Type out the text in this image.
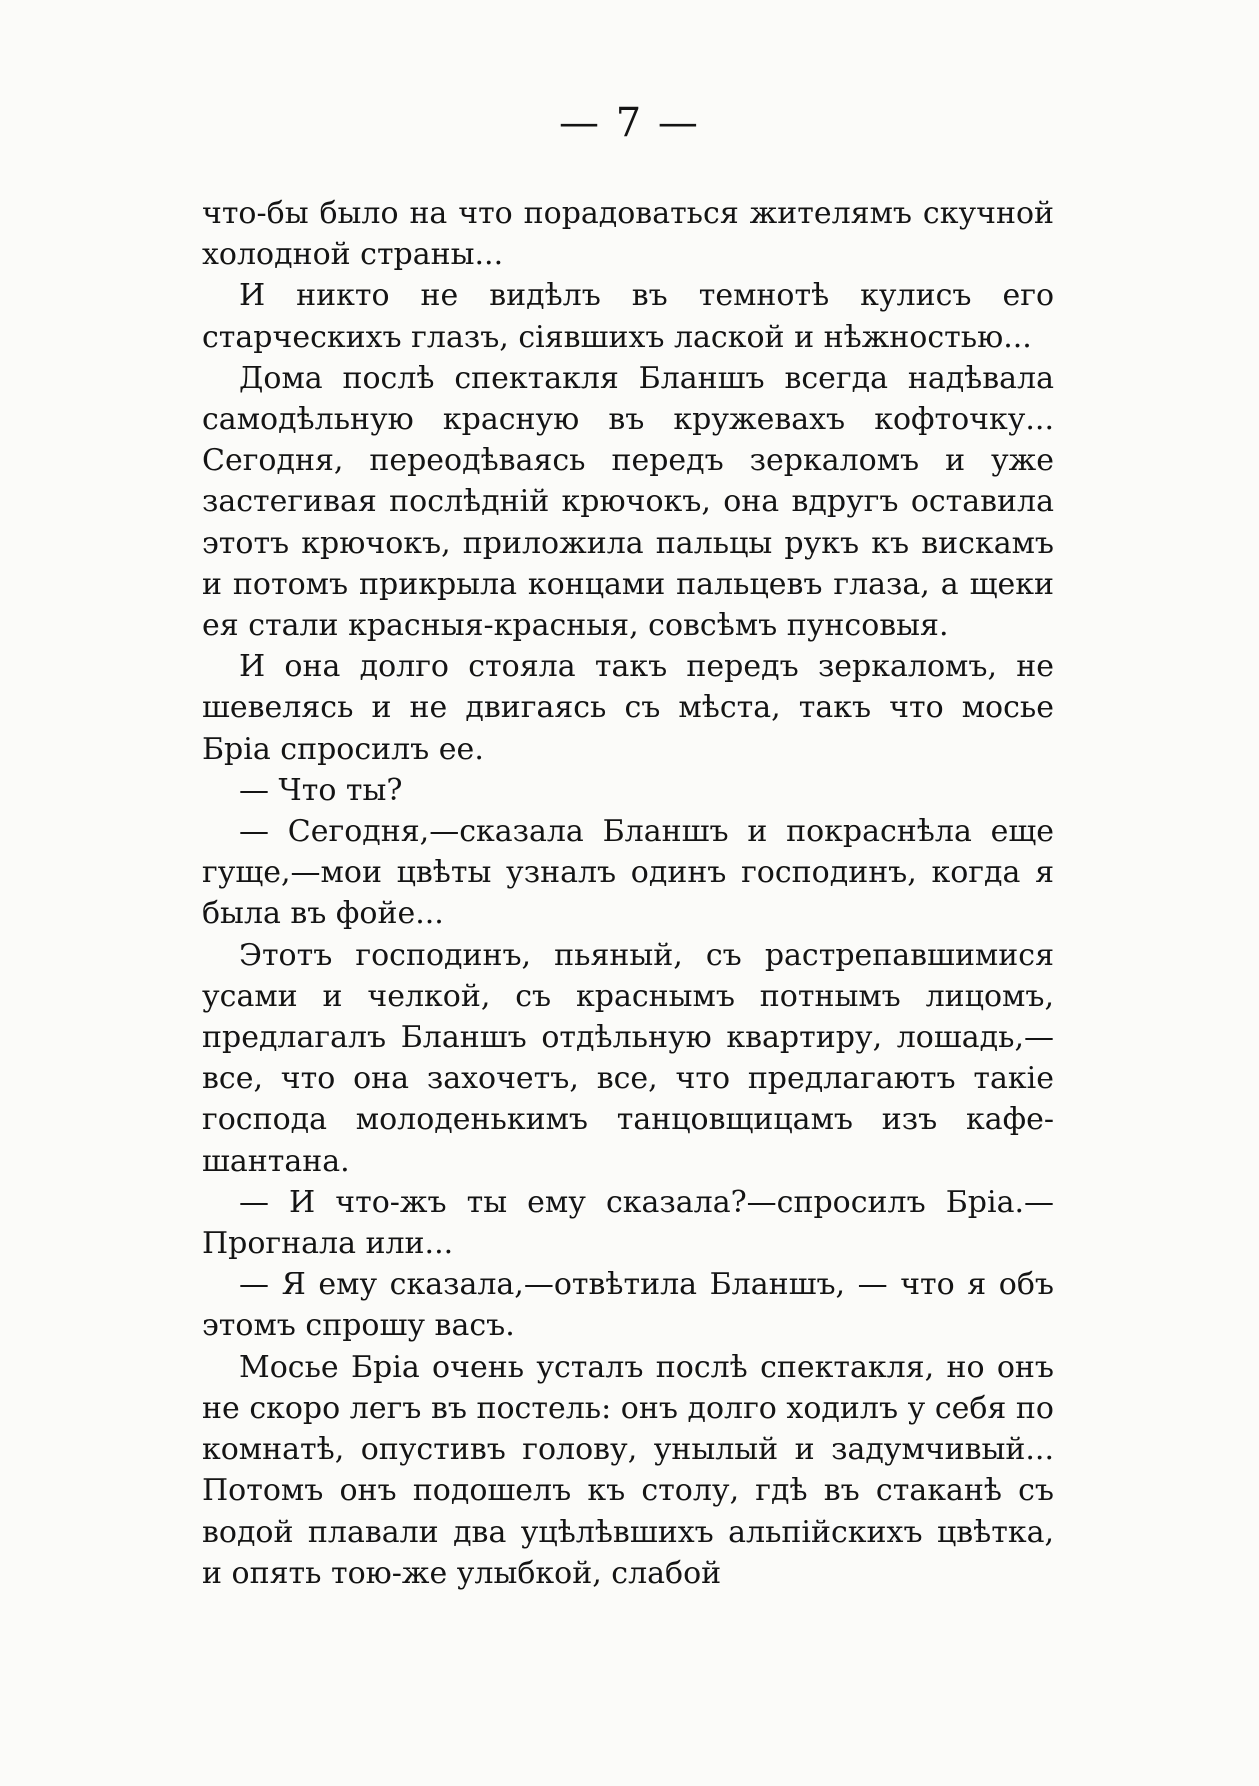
— 7 —

что-бы было на что порадоваться жителямъ скучной холодной страны...

И никто не видѣлъ въ темнотѣ кулисъ его старческихъ глазъ, сіявшихъ лаской и нѣжностью...

Дома послѣ спектакля Бланшъ всегда надѣвала самодѣльную красную въ кружевахъ кофточку... Сегодня, переодѣваясь передъ зеркаломъ и уже застегивая послѣдній крючокъ, она вдругъ оставила этотъ крючокъ, приложила пальцы рукъ къ вискамъ и потомъ прикрыла концами пальцевъ глаза, а щеки ея стали красныя-красныя, совсѣмъ пунсовыя.

И она долго стояла такъ передъ зеркаломъ, не шевелясь и не двигаясь съ мѣста, такъ что мосье Бріа спросилъ ее.

— Что ты?

— Сегодня,—сказала Бланшъ и покраснѣла еще гуще,—мои цвѣты узналъ одинъ господинъ, когда я была въ фойе...

Этотъ господинъ, пьяный, съ растрепавшимися усами и челкой, съ краснымъ потнымъ лицомъ, предлагалъ Бланшъ отдѣльную квартиру, лошадь,— все, что она захочетъ, все, что предлагаютъ такіе господа молоденькимъ танцовщицамъ изъ кафе-шантана.

— И что-жъ ты ему сказала?—спросилъ Бріа.— Прогнала или...

— Я ему сказала,—отвѣтила Бланшъ, — что я объ этомъ спрошу васъ.

Мосье Бріа очень усталъ послѣ спектакля, но онъ не скоро легъ въ постель: онъ долго ходилъ у себя по комнатѣ, опустивъ голову, унылый и задумчивый... Потомъ онъ подошелъ къ столу, гдѣ въ стаканѣ съ водой плавали два уцѣлѣвшихъ альпійскихъ цвѣтка, и опять тою-же улыбкой, слабой
